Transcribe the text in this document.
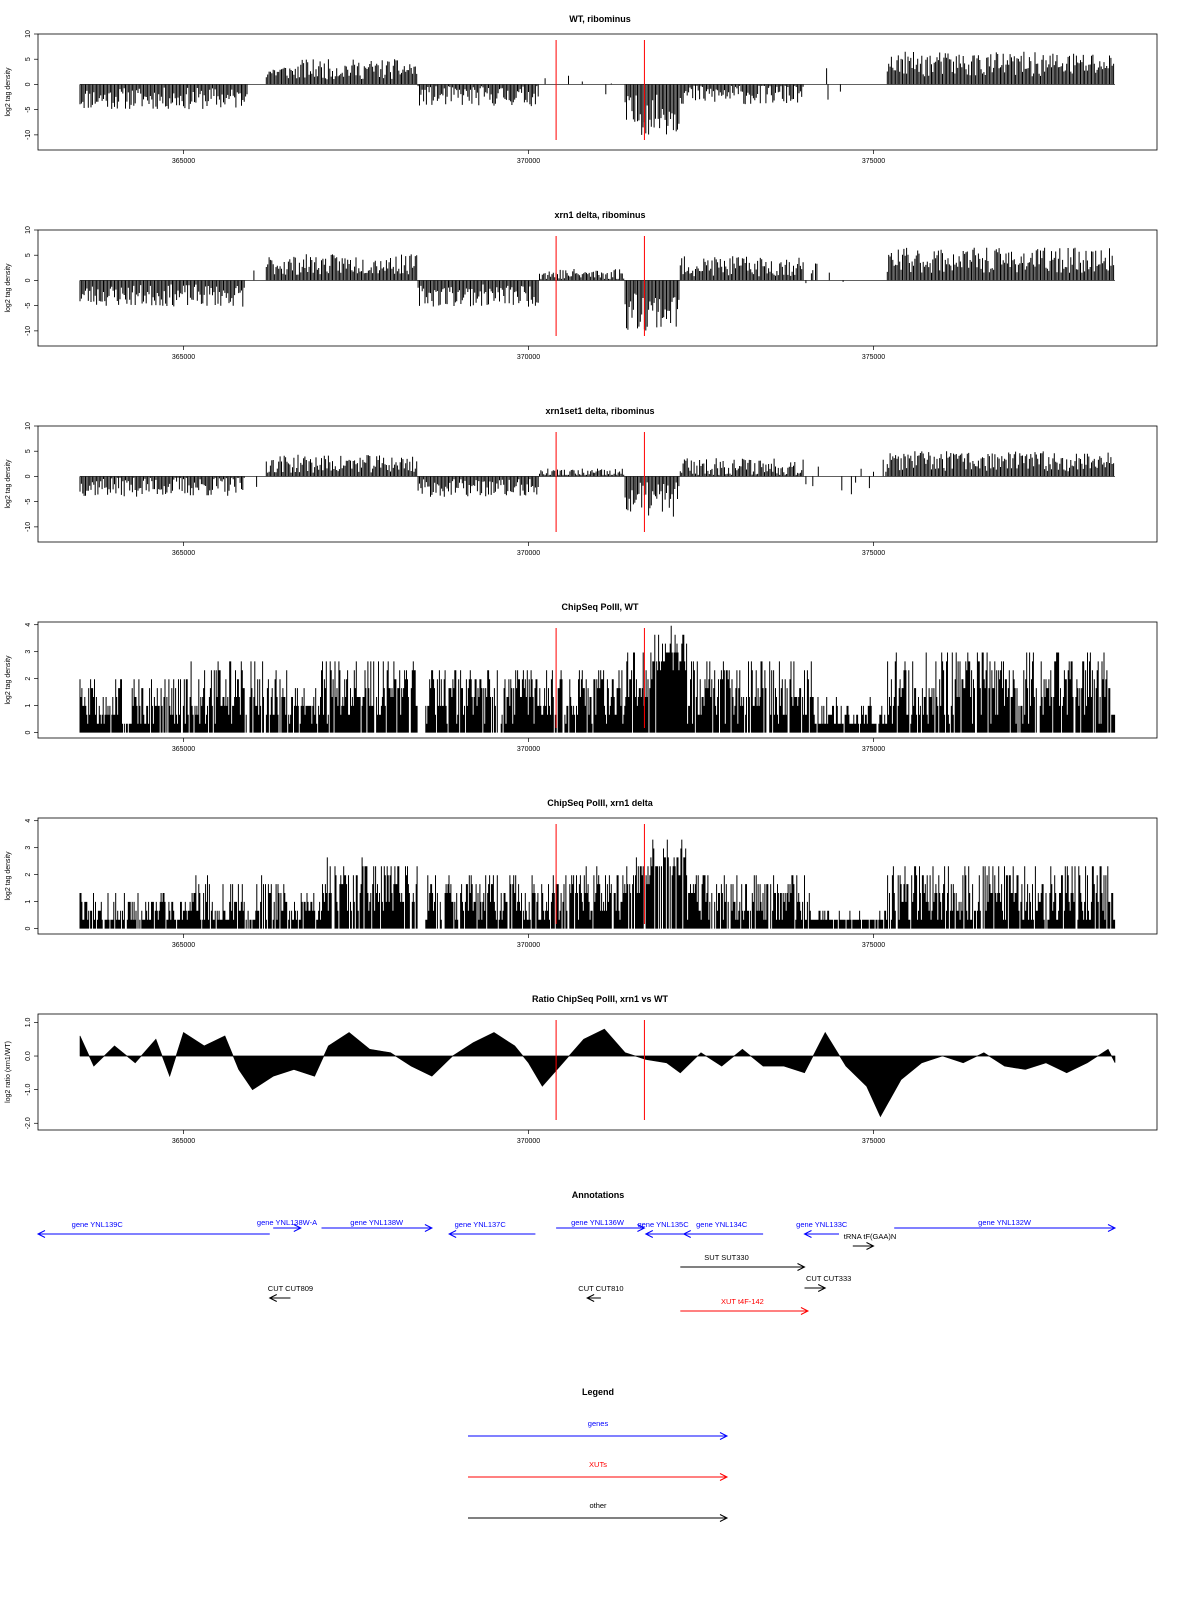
WT, ribominus
10
5
0
-5
-10
log2 tag density
365000	370000	375000
xrn1 delta, ribominus
10
5
0
-5
-10
log2 tag density
365000	370000	375000
xrn1set1 delta, ribominus
10
5
0
-5
-10
log2 tag density
365000	370000	375000
ChipSeq PolII, WT
4
3
2
1
0
log2 tag density
365000	370000	375000
ChipSeq PolII, xrn1 delta
4
3
2
1
0
log2 tag density
365000	370000	375000
Ratio ChipSeq PolII, xrn1 vs WT
1.0
0.0
-1.0
-2.0
log2 ratio (xrn1/WT)
365000	370000	375000
Annotations
gene YNL139C	gene YNL138W-A	gene YNL138W	gene YNL137C	gene YNL136W gene YNL135C gene YNL134C	gene YNL133C	gene YNL132W
tRNA tF(GAA)N
SUT SUT330
CUT CUT333
CUT CUT809	CUT CUT810
XUT t4F-142
Legend
genes
XUTs
other
